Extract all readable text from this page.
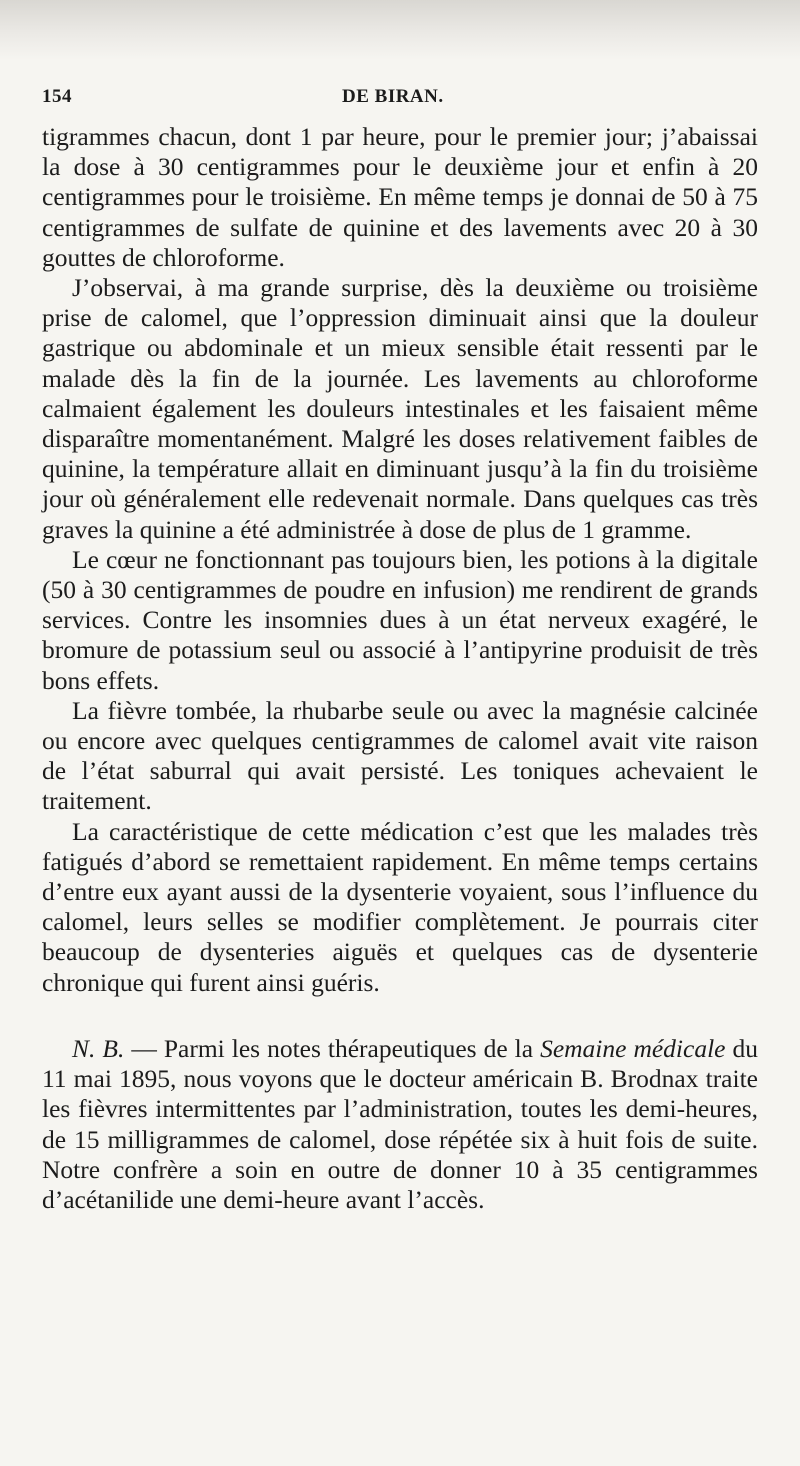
154	DE BIRAN.

tigrammes chacun, dont 1 par heure, pour le premier jour; j’abaissai la dose à 30 centigrammes pour le deuxième jour et enfin à 20 centigrammes pour le troisième. En même temps je donnai de 50 à 75 centigrammes de sulfate de quinine et des lavements avec 20 à 30 gouttes de chloroforme.

J’observai, à ma grande surprise, dès la deuxième ou troisième prise de calomel, que l’oppression diminuait ainsi que la douleur gastrique ou abdominale et un mieux sensible était ressenti par le malade dès la fin de la journée. Les lavements au chloroforme calmaient également les douleurs intestinales et les faisaient même disparaître momentanément. Malgré les doses relativement faibles de quinine, la température allait en diminuant jusqu’à la fin du troisième jour où généralement elle redevenait normale. Dans quelques cas très graves la quinine a été administrée à dose de plus de 1 gramme.

Le cœur ne fonctionnant pas toujours bien, les potions à la digitale (50 à 30 centigrammes de poudre en infusion) me rendirent de grands services. Contre les insomnies dues à un état nerveux exagéré, le bromure de potassium seul ou associé à l’antipyrine produisit de très bons effets.

La fièvre tombée, la rhubarbe seule ou avec la magnésie calcinée ou encore avec quelques centigrammes de calomel avait vite raison de l’état saburral qui avait persisté. Les toniques achevaient le traitement.

La caractéristique de cette médication c’est que les malades très fatigués d’abord se remettaient rapidement. En même temps certains d’entre eux ayant aussi de la dysenterie voyaient, sous l’influence du calomel, leurs selles se modifier complètement. Je pourrais citer beaucoup de dysenteries aiguës et quelques cas de dysenterie chronique qui furent ainsi guéris.

N. B. — Parmi les notes thérapeutiques de la Semaine médicale du 11 mai 1895, nous voyons que le docteur américain B. Brodnax traite les fièvres intermittentes par l’administration, toutes les demi-heures, de 15 milligrammes de calomel, dose répétée six à huit fois de suite. Notre confrère a soin en outre de donner 10 à 35 centigrammes d’acétanilide une demi-heure avant l’accès.
